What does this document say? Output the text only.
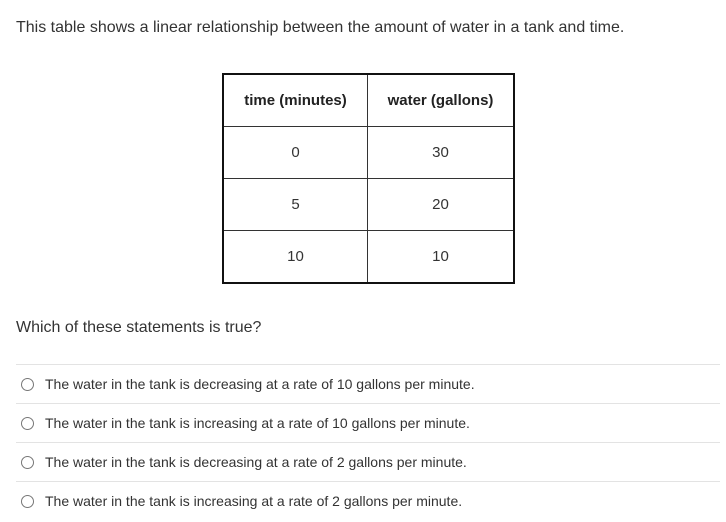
This table shows a linear relationship between the amount of water in a tank and time.

time (minutes)	water (gallons)
0	30
5	20
10	10

Which of these statements is true?

The water in the tank is decreasing at a rate of 10 gallons per minute.
The water in the tank is increasing at a rate of 10 gallons per minute.
The water in the tank is decreasing at a rate of 2 gallons per minute.
The water in the tank is increasing at a rate of 2 gallons per minute.
